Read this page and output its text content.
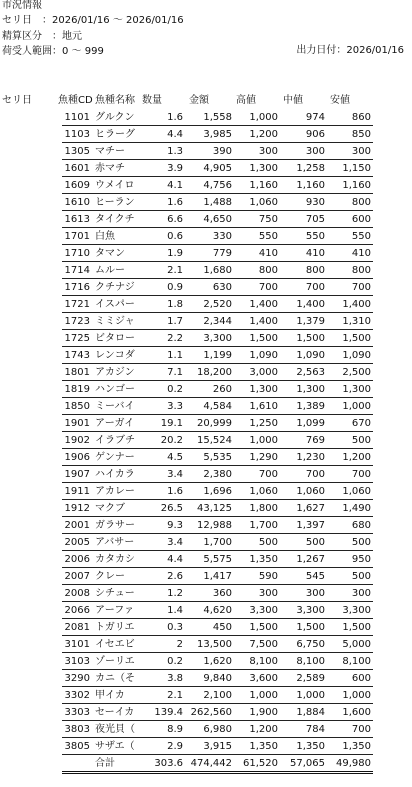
市況情報
セリ日　：2026/01/16 〜 2026/01/16
精算区分　：地元
荷受人範囲：0 〜 999	出力日付：2026/01/16
セリ日	魚種CD 魚種名称 数量	金額	高値	中値	安値
1101 グルクン	1.6	1,558	1,000	974	860
1103 ヒラーグ	4.4	3,985	1,200	906	850
1305 マチー	1.3	390	300	300	300
1601 赤マチ	3.9	4,905	1,300	1,258	1,150
1609 ウメイロ	4.1	4,756	1,160	1,160	1,160
1610 ヒーラン	1.6	1,488	1,060	930	800
1613 タイクチ	6.6	4,650	750	705	600
1701 白魚	0.6	330	550	550	550
1710 タマン	1.9	779	410	410	410
1714 ムルー	2.1	1,680	800	800	800
1716 クチナジ	0.9	630	700	700	700
1721 イスパー	1.8	2,520	1,400	1,400	1,400
1723 ミミジャ	1.7	2,344	1,400	1,379	1,310
1725 ビタロー	2.2	3,300	1,500	1,500	1,500
1743 レンコダ	1.1	1,199	1,090	1,090	1,090
1801 アカジン	7.1	18,200	3,000	2,563	2,500
1819 ハンゴー	0.2	260	1,300	1,300	1,300
1850 ミーバイ	3.3	4,584	1,610	1,389	1,000
1901 アーガイ	19.1	20,999	1,250	1,099	670
1902 イラブチ	20.2	15,524	1,000	769	500
1906 ゲンナー	4.5	5,535	1,290	1,230	1,200
1907 ハイカラ	3.4	2,380	700	700	700
1911 アカレー	1.6	1,696	1,060	1,060	1,060
1912 マクブ	26.5	43,125	1,800	1,627	1,490
2001 ガラサー	9.3	12,988	1,700	1,397	680
2005 アバサー	3.4	1,700	500	500	500
2006 カタカシ	4.4	5,575	1,350	1,267	950
2007 クレー	2.6	1,417	590	545	500
2008 シチュー	1.2	360	300	300	300
2066 アーファ	1.4	4,620	3,300	3,300	3,300
2081 トガリエ	0.3	450	1,500	1,500	1,500
3101 イセエビ	2	13,500	7,500	6,750	5,000
3103 ゾーリエ	0.2	1,620	8,100	8,100	8,100
3290 カニ（そ	3.8	9,840	3,600	2,589	600
3302 甲イカ	2.1	2,100	1,000	1,000	1,000
3303 セーイカ	139.4 262,560	1,900	1,884	1,600
3803 夜光貝（	8.9	6,980	1,200	784	700
3805 サザエ（	2.9	3,915	1,350	1,350	1,350
合計	303.6 474,442	61,520	57,065	49,980
